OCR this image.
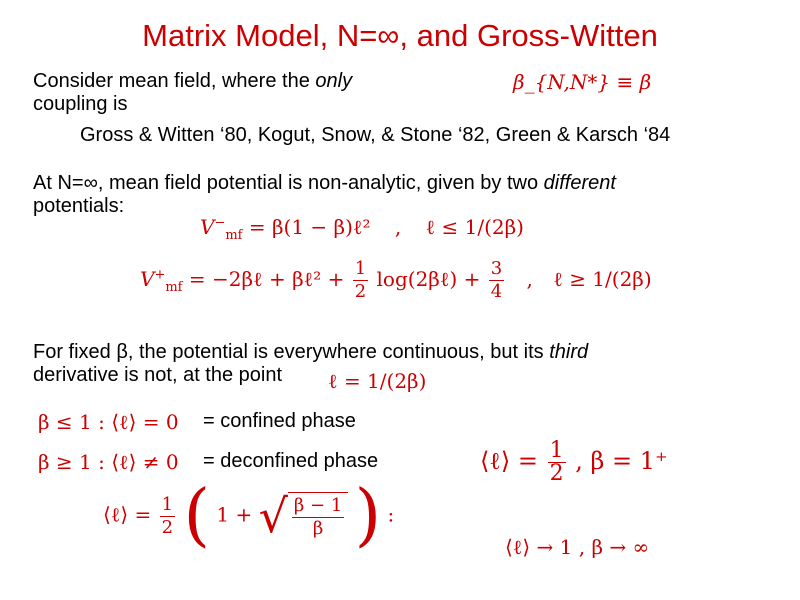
Matrix Model, N=∞, and Gross-Witten
Consider mean field, where the only
coupling is
β_{N,N*} ≡ β
Gross & Witten ‘80, Kogut, Snow, & Stone ‘82, Green & Karsch ‘84
At N=∞, mean field potential is non-analytic, given by two different
potentials:
$V^-_{mf} = \beta(1$ − β)ℓ² , ℓ ≤ 1/(2β)
$V^+_{mf}$ = −2βℓ + βℓ² + $\frac{1}{2}$ log(2βℓ) + $\frac{3}{4}$ , ℓ ≥ 1/(2β)
For fixed β, the potential is everywhere continuous, but its third
derivative is not, at the point	ℓ = 1/(2β)
β ≤ 1 : ⟨ℓ⟩ = 0 = confined phase
β ≥ 1 : ⟨ℓ⟩ ≠ 0 = deconfined phase	⟨ℓ⟩ = $\frac{1}{2}$ , β = 1⁺
⟨ℓ⟩ = $\frac{1}{2}$ ( 1 + √ $\frac{\beta - 1}{\beta}$ ) :
⟨ℓ⟩ → 1 , β → ∞
